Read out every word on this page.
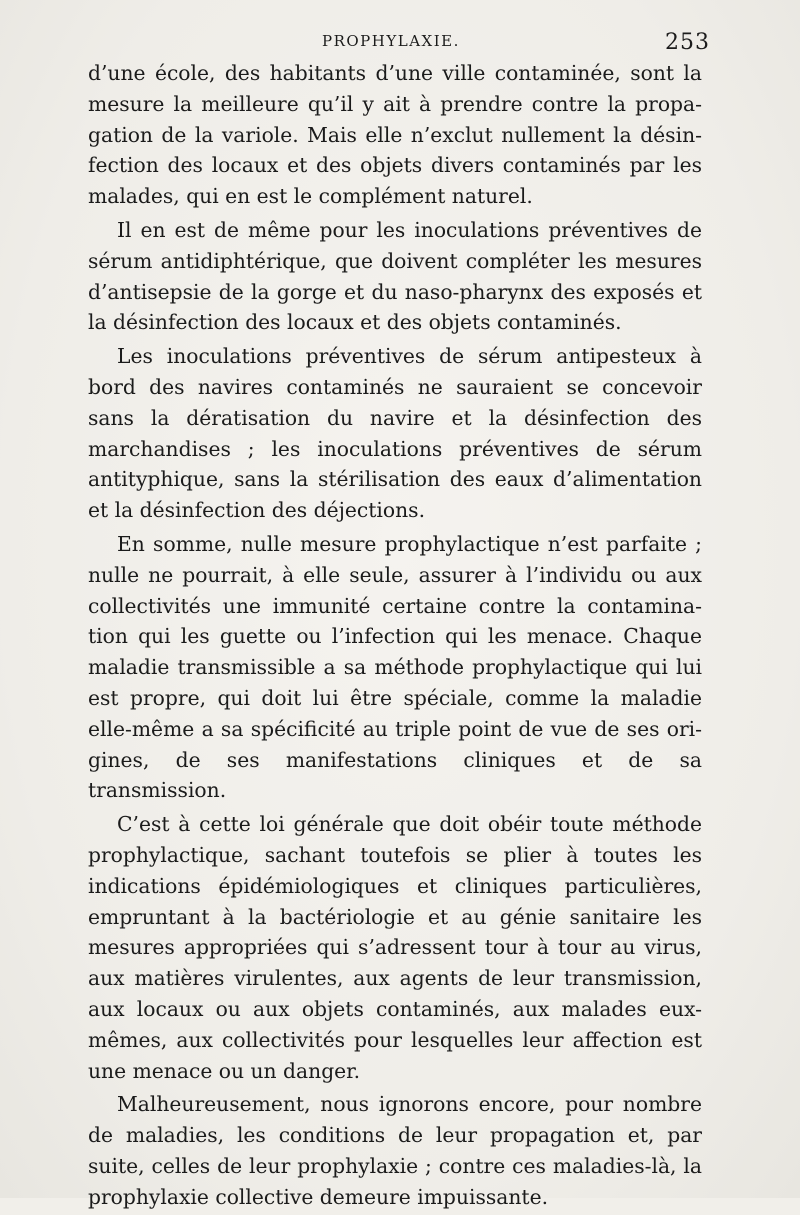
PROPHYLAXIE.	253

d’une école, des habitants d’une ville contaminée, sont la mesure la meilleure qu’il y ait à prendre contre la propagation de la variole. Mais elle n’exclut nullement la désinfection des locaux et des objets divers contaminés par les malades, qui en est le complément naturel.

Il en est de même pour les inoculations préventives de sérum antidiphtérique, que doivent compléter les mesures d’antisepsie de la gorge et du naso-pharynx des exposés et la désinfection des locaux et des objets contaminés.

Les inoculations préventives de sérum antipesteux à bord des navires contaminés ne sauraient se concevoir sans la dératisation du navire et la désinfection des marchandises ; les inoculations préventives de sérum antityphique, sans la stérilisation des eaux d’alimentation et la désinfection des déjections.

En somme, nulle mesure prophylactique n’est parfaite ; nulle ne pourrait, à elle seule, assurer à l’individu ou aux collectivités une immunité certaine contre la contamination qui les guette ou l’infection qui les menace. Chaque maladie transmissible a sa méthode prophylactique qui lui est propre, qui doit lui être spéciale, comme la maladie elle-même a sa spécificité au triple point de vue de ses origines, de ses manifestations cliniques et de sa transmission.

C’est à cette loi générale que doit obéir toute méthode prophylactique, sachant toutefois se plier à toutes les indications épidémiologiques et cliniques particulières, empruntant à la bactériologie et au génie sanitaire les mesures appropriées qui s’adressent tour à tour au virus, aux matières virulentes, aux agents de leur transmission, aux locaux ou aux objets contaminés, aux malades eux-mêmes, aux collectivités pour lesquelles leur affection est une menace ou un danger.

Malheureusement, nous ignorons encore, pour nombre de maladies, les conditions de leur propagation et, par suite, celles de leur prophylaxie ; contre ces maladies-là, la prophylaxie collective demeure impuissante.
